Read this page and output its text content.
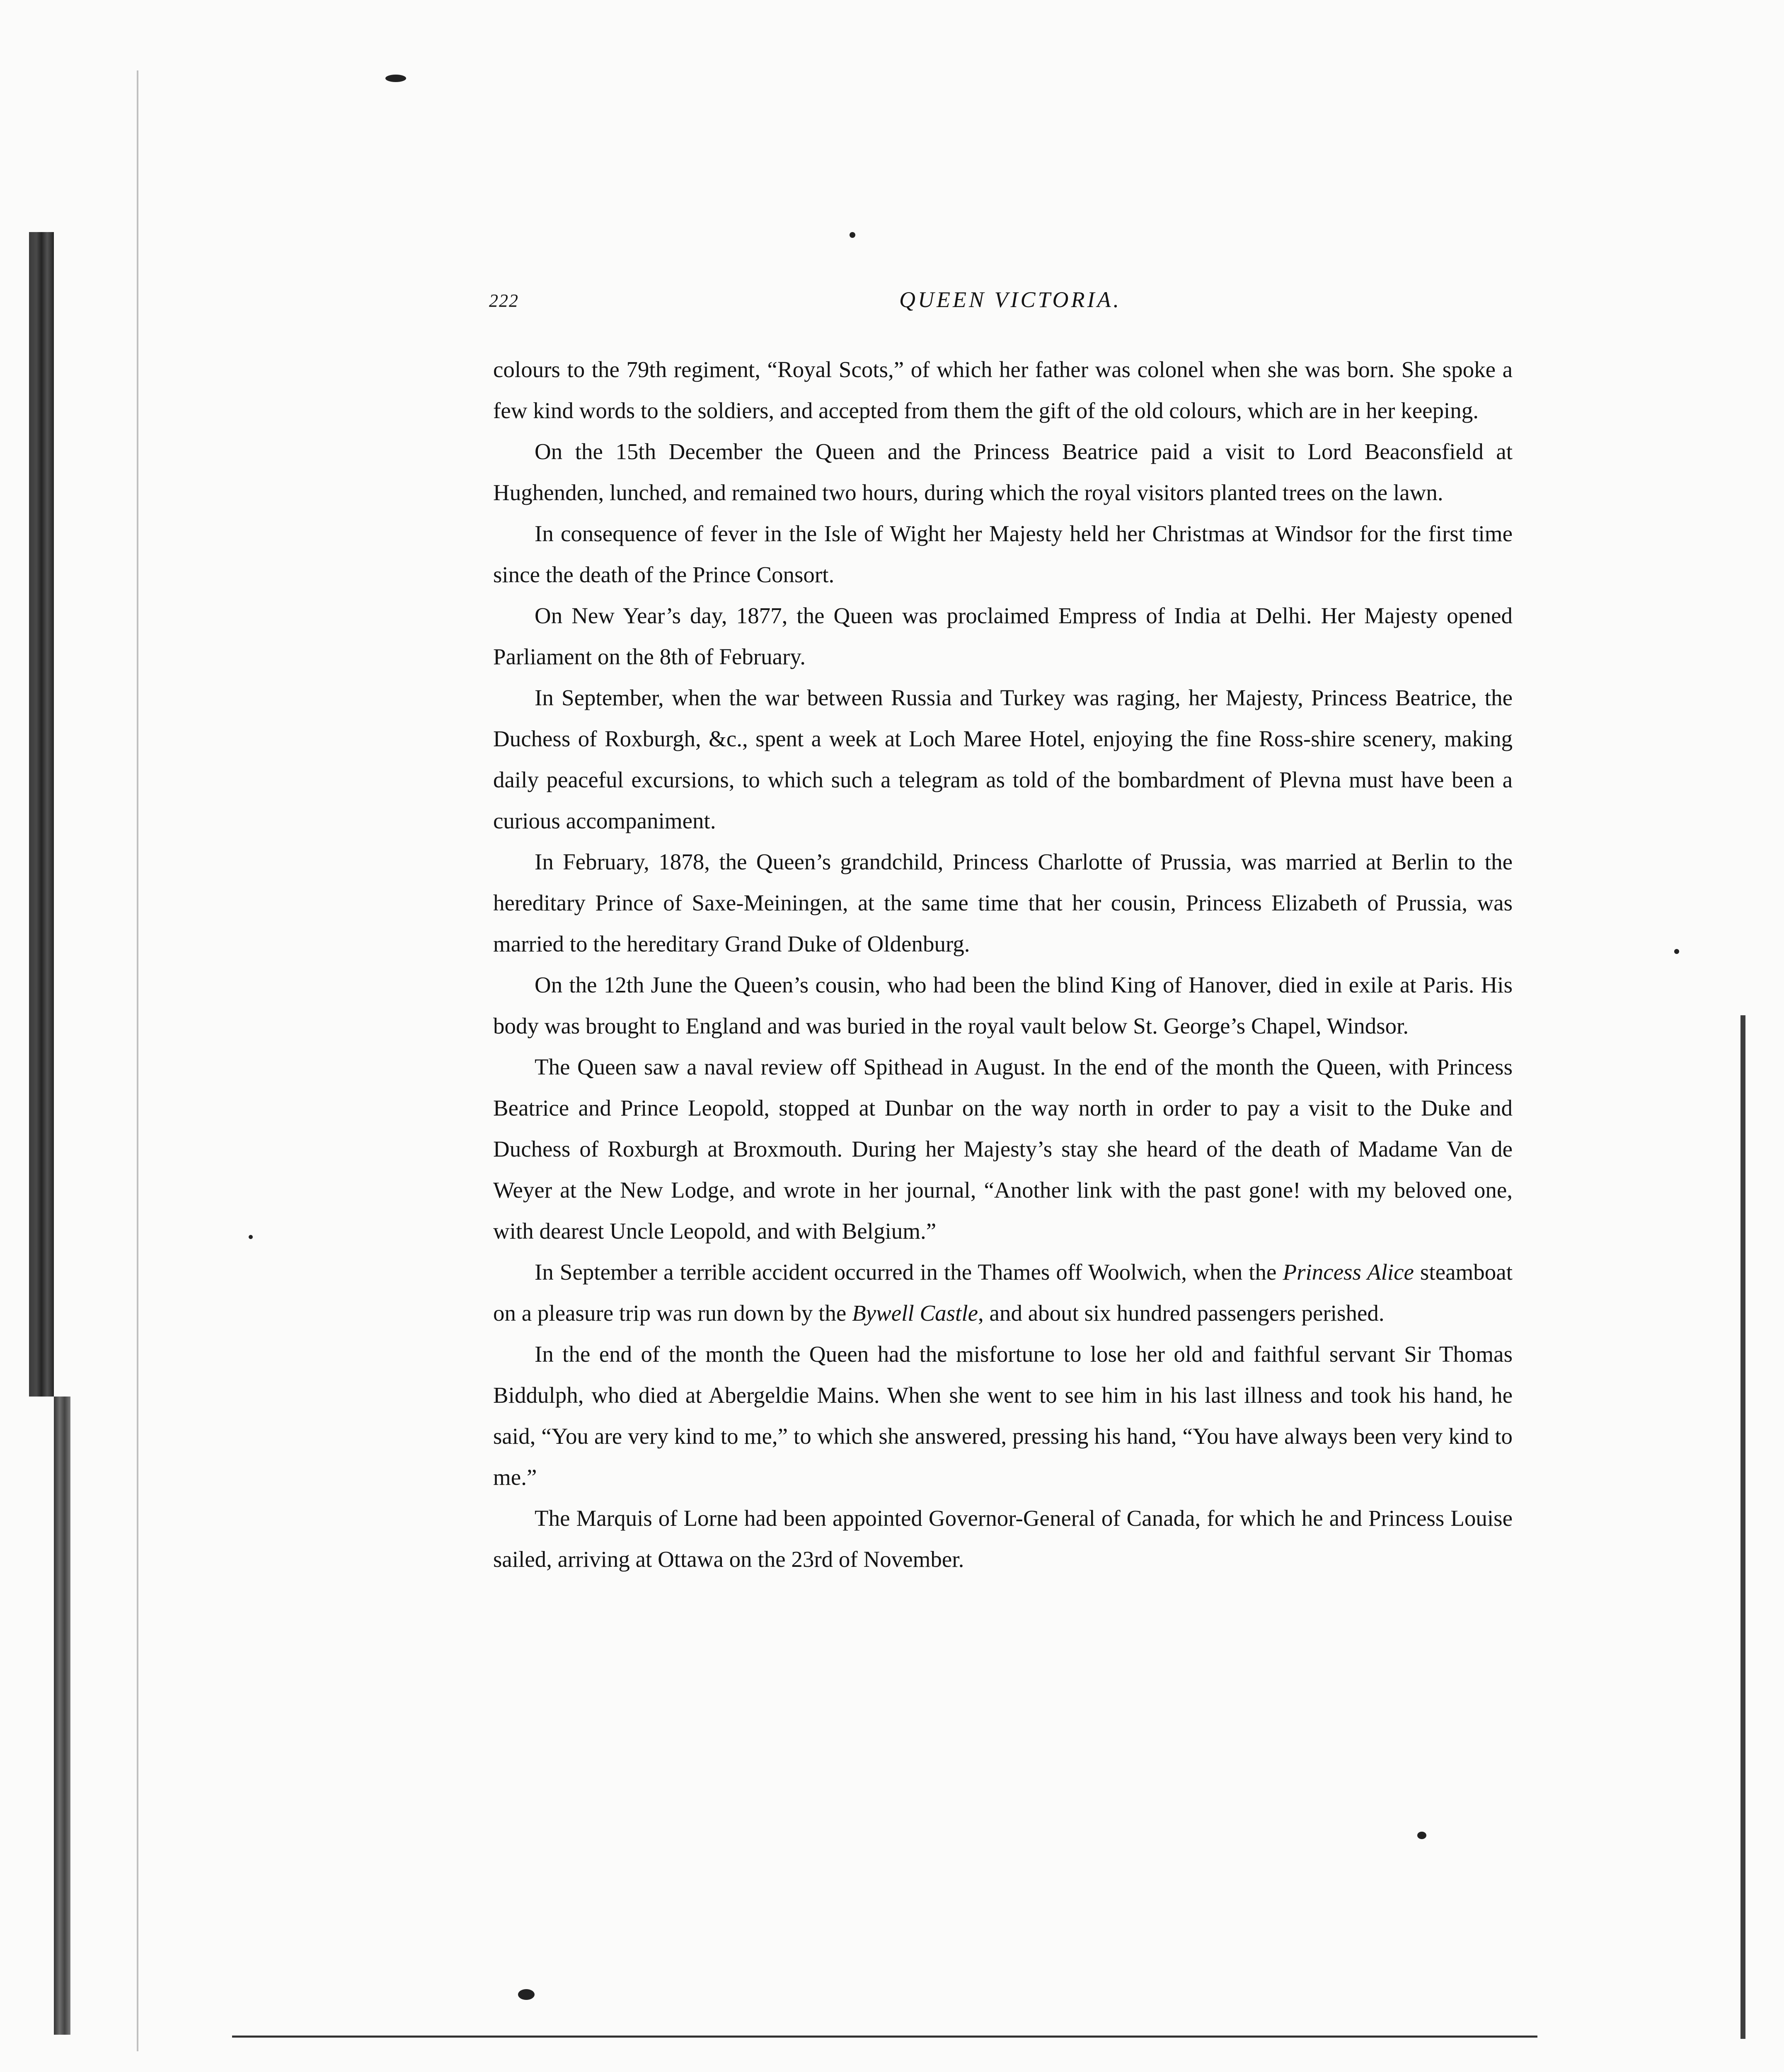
222	QUEEN VICTORIA.

colours to the 79th regiment, “Royal Scots,” of which her father was colonel when she was born. She spoke a few kind words to the soldiers, and accepted from them the gift of the old colours, which are in her keeping.

On the 15th December the Queen and the Princess Beatrice paid a visit to Lord Beaconsfield at Hughenden, lunched, and remained two hours, during which the royal visitors planted trees on the lawn.

In consequence of fever in the Isle of Wight her Majesty held her Christmas at Windsor for the first time since the death of the Prince Consort.

On New Year’s day, 1877, the Queen was proclaimed Empress of India at Delhi. Her Majesty opened Parliament on the 8th of February.

In September, when the war between Russia and Turkey was raging, her Majesty, Princess Beatrice, the Duchess of Roxburgh, &c., spent a week at Loch Maree Hotel, enjoying the fine Ross-shire scenery, making daily peaceful excursions, to which such a telegram as told of the bombardment of Plevna must have been a curious accompaniment.

In February, 1878, the Queen’s grandchild, Princess Charlotte of Prussia, was married at Berlin to the hereditary Prince of Saxe-Meiningen, at the same time that her cousin, Princess Elizabeth of Prussia, was married to the hereditary Grand Duke of Oldenburg.

On the 12th June the Queen’s cousin, who had been the blind King of Hanover, died in exile at Paris. His body was brought to England and was buried in the royal vault below St. George’s Chapel, Windsor.

The Queen saw a naval review off Spithead in August. In the end of the month the Queen, with Princess Beatrice and Prince Leopold, stopped at Dunbar on the way north in order to pay a visit to the Duke and Duchess of Roxburgh at Broxmouth. During her Majesty’s stay she heard of the death of Madame Van de Weyer at the New Lodge, and wrote in her journal, “Another link with the past gone! with my beloved one, with dearest Uncle Leopold, and with Belgium.”

In September a terrible accident occurred in the Thames off Woolwich, when the Princess Alice steamboat on a pleasure trip was run down by the Bywell Castle, and about six hundred passengers perished.

In the end of the month the Queen had the misfortune to lose her old and faithful servant Sir Thomas Biddulph, who died at Abergeldie Mains. When she went to see him in his last illness and took his hand, he said, “You are very kind to me,” to which she answered, pressing his hand, “You have always been very kind to me.”

The Marquis of Lorne had been appointed Governor-General of Canada, for which he and Princess Louise sailed, arriving at Ottawa on the 23rd of November.
